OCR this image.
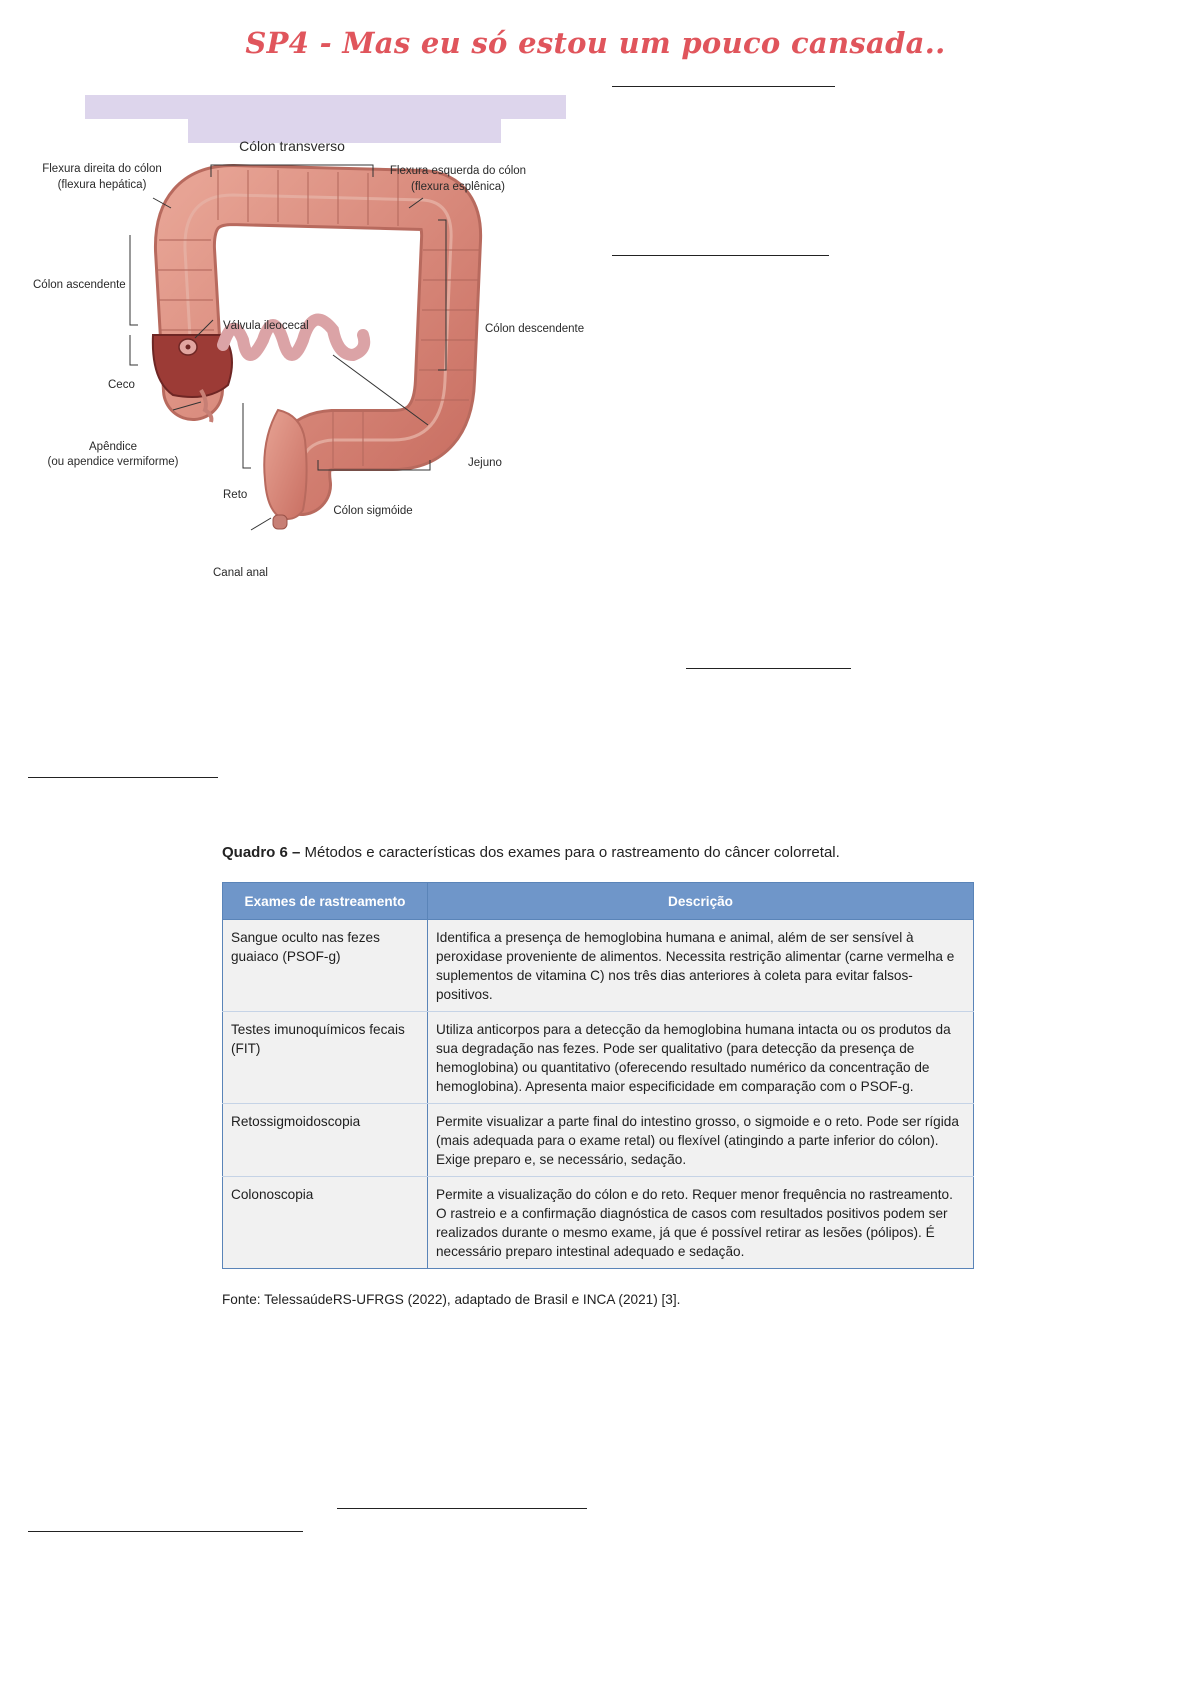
SP4 - Mas eu só estou um pouco cansada..
Cólon transverso
Flexura direita do cólon
(flexura hepática)
Flexura esquerda do cólon
(flexura esplênica)
Cólon ascendente
Cólon descendente
Válvula ileocecal
Ceco
Apêndice
(ou apendice vermiforme)	Jejuno
Reto
Cólon sigmóide
Canal anal
Quadro 6 – Métodos e características dos exames para o rastreamento do câncer colorretal.
Exames de rastreamento	Descrição
Sangue oculto nas fezes guaiaco (PSOF-g)	Identifica a presença de hemoglobina humana e animal, além de ser sensível à peroxidase proveniente de alimentos. Necessita restrição alimentar (carne vermelha e suplementos de vitamina C) nos três dias anteriores à coleta para evitar falsos-positivos.
Testes imunoquímicos fecais (FIT)	Utiliza anticorpos para a detecção da hemoglobina humana intacta ou os produtos da sua degradação nas fezes. Pode ser qualitativo (para detecção da presença de hemoglobina) ou quantitativo (oferecendo resultado numérico da concentração de hemoglobina). Apresenta maior especificidade em comparação com o PSOF-g.
Retossigmoidoscopia	Permite visualizar a parte final do intestino grosso, o sigmoide e o reto. Pode ser rígida (mais adequada para o exame retal) ou flexível (atingindo a parte inferior do cólon). Exige preparo e, se necessário, sedação.
Colonoscopia	Permite a visualização do cólon e do reto. Requer menor frequência no rastreamento. O rastreio e a confirmação diagnóstica de casos com resultados positivos podem ser realizados durante o mesmo exame, já que é possível retirar as lesões (pólipos). É necessário preparo intestinal adequado e sedação.
Fonte: TelessaúdeRS-UFRGS (2022), adaptado de Brasil e INCA (2021) [3].
